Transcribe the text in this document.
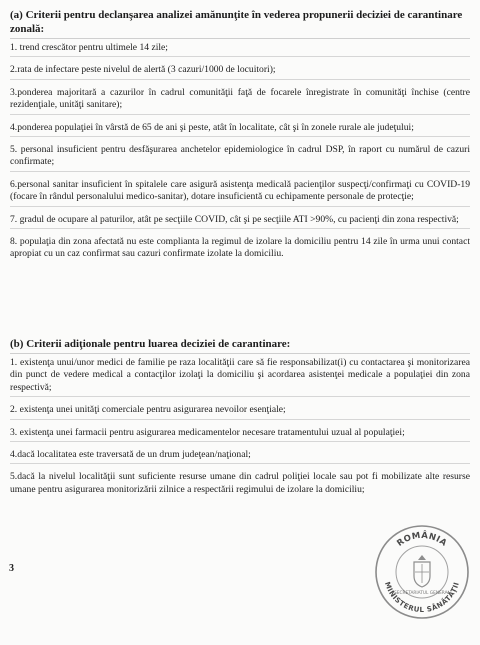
(a) Criterii pentru declanşarea analizei amănunţite în vederea propunerii deciziei de carantinare zonală:
1. trend crescător pentru ultimele 14 zile;
2.rata de infectare peste nivelul de alertă (3 cazuri/1000 de locuitori);
3.ponderea majoritară a cazurilor în cadrul comunităţii faţă de focarele înregistrate în comunităţi închise (centre rezidenţiale, unităţi sanitare);
4.ponderea populaţiei în vârstă de 65 de ani şi peste, atât în localitate, cât şi în zonele rurale ale judeţului;
5. personal insuficient pentru desfăşurarea anchetelor epidemiologice în cadrul DSP, în raport cu numărul de cazuri confirmate;
6.personal sanitar insuficient în spitalele care asigură asistenţa medicală pacienţilor suspecţi/confirmaţi cu COVID-19 (focare în rândul personalului medico-sanitar), dotare insuficientă cu echipamente personale de protecţie;
7. gradul de ocupare al paturilor, atât pe secţiile COVID, cât şi pe secţiile ATI >90%, cu pacienţi din zona respectivă;
8. populaţia din zona afectată nu este complianta la regimul de izolare la domiciliu pentru 14 zile în urma unui contact apropiat cu un caz confirmat sau cazuri confirmate izolate la domiciliu.
(b) Criterii adiţionale pentru luarea deciziei de carantinare:
1. existenţa unui/unor medici de familie pe raza localităţii care să fie responsabilizat(i) cu contactarea şi monitorizarea din punct de vedere medical a contacţilor izolaţi la domiciliu şi acordarea asistenţei medicale a populaţiei din zona respectivă;
2. existenţa unei unităţi comerciale pentru asigurarea nevoilor esenţiale;
3. existenţa unei farmacii pentru asigurarea medicamentelor necesare tratamentului uzual al populaţiei;
4.dacă localitatea este traversată de un drum judeţean/naţional;
5.dacă la nivelul localităţii sunt suficiente resurse umane din cadrul poliţiei locale sau pot fi mobilizate alte resurse umane pentru asigurarea monitorizării zilnice a respectării regimului de izolare la domiciliu;
3
ROMÂNIA
MINISTERUL SĂNĂTĂŢII
SECRETARIATUL GENERAL
